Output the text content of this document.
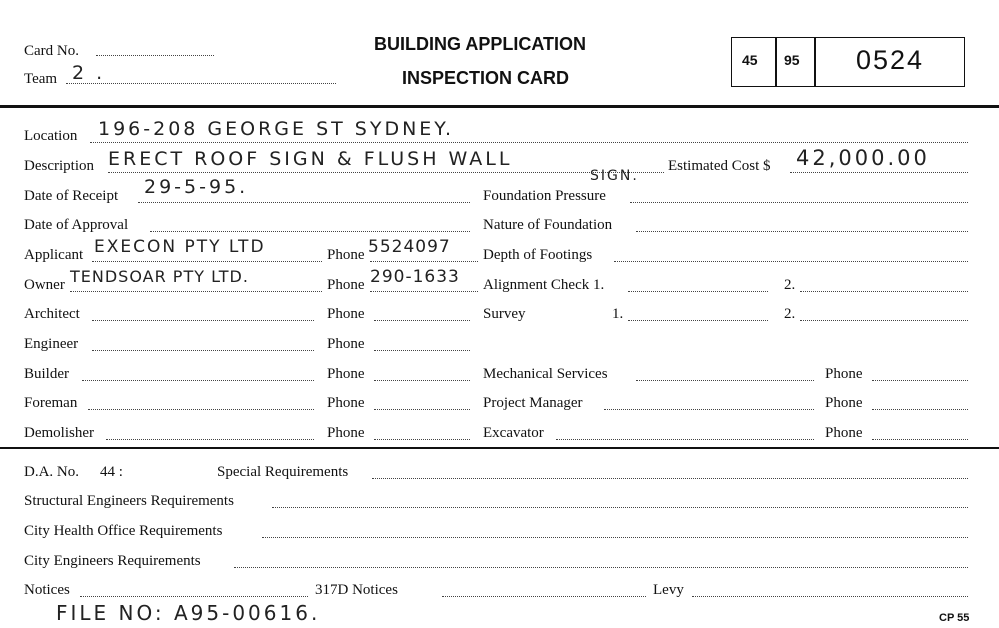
Card No.
Team 2 .
BUILDING APPLICATION
INSPECTION CARD
45 95 0524
Location 196-208 GEORGE ST SYDNEY.
Description ERECT ROOF SIGN & FLUSH WALL
SIGN.
Estimated Cost $ 42,000.00
Date of Receipt 29-5-95.	Foundation Pressure
Date of Approval	Nature of Foundation
Applicant EXECON PTY LTD	Phone 5524097 Depth of Footings
Owner TENDSOAR PTY LTD.	Phone 290-1633 Alignment Check 1.	2.
Architect	Phone	Survey	1.	2.
Engineer	Phone
Builder	Phone	Mechanical Services	Phone
Foreman	Phone	Project Manager	Phone
Demolisher	Phone	Excavator	Phone
D.A. No. 44 :	Special Requirements
Structural Engineers Requirements
City Health Office Requirements
City Engineers Requirements
Notices	317D Notices	Levy
FILE NO: A95-00616.	CP 55
